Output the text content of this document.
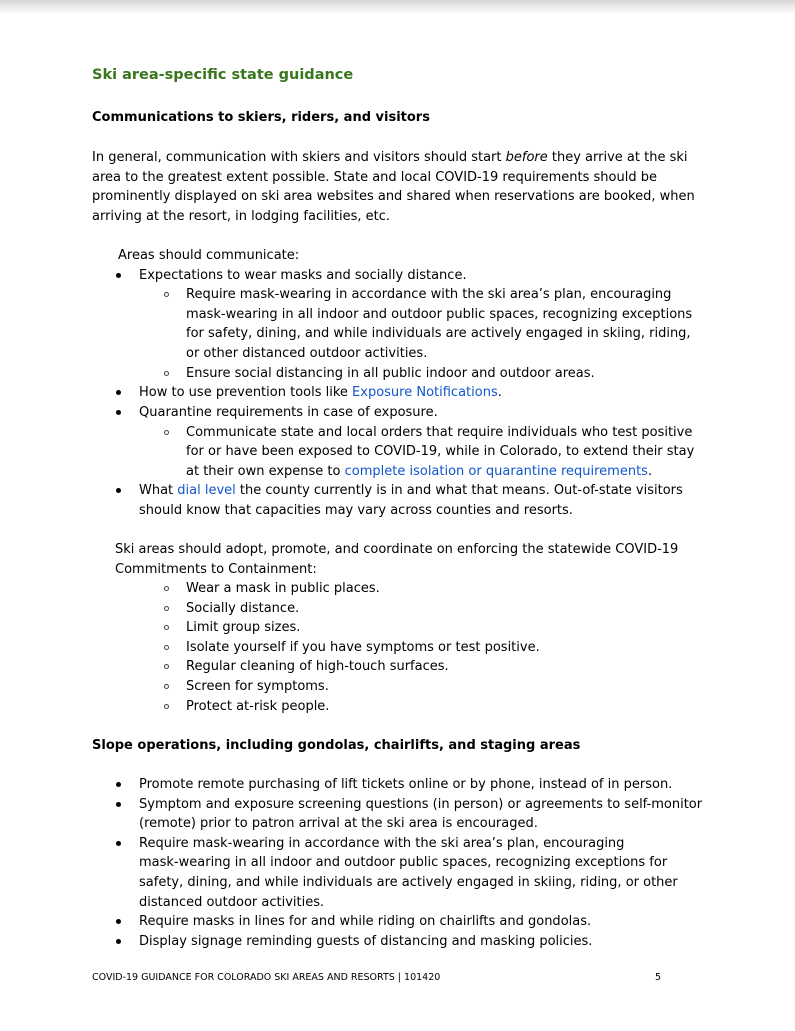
Ski area-specific state guidance

Communications to skiers, riders, and visitors

In general, communication with skiers and visitors should start before they arrive at the ski

area to the greatest extent possible. State and local COVID-19 requirements should be

prominently displayed on ski area websites and shared when reservations are booked, when

arriving at the resort, in lodging facilities, etc.

Areas should communicate:

Expectations to wear masks and socially distance.

Require mask-wearing in accordance with the ski area’s plan, encouraging

mask-wearing in all indoor and outdoor public spaces, recognizing exceptions

for safety, dining, and while individuals are actively engaged in skiing, riding,

or other distanced outdoor activities.

Ensure social distancing in all public indoor and outdoor areas.

How to use prevention tools like Exposure Notifications.

Quarantine requirements in case of exposure.

Communicate state and local orders that require individuals who test positive

for or have been exposed to COVID-19, while in Colorado, to extend their stay

at their own expense to complete isolation or quarantine requirements.

What dial level the county currently is in and what that means. Out-of-state visitors

should know that capacities may vary across counties and resorts.

Ski areas should adopt, promote, and coordinate on enforcing the statewide COVID-19

Commitments to Containment:

Wear a mask in public places.

Socially distance.

Limit group sizes.

Isolate yourself if you have symptoms or test positive.

Regular cleaning of high-touch surfaces.

Screen for symptoms.

Protect at-risk people.

Slope operations, including gondolas, chairlifts, and staging areas

Promote remote purchasing of lift tickets online or by phone, instead of in person.

Symptom and exposure screening questions (in person) or agreements to self-monitor

(remote) prior to patron arrival at the ski area is encouraged.

Require mask-wearing in accordance with the ski area’s plan, encouraging

mask-wearing in all indoor and outdoor public spaces, recognizing exceptions for

safety, dining, and while individuals are actively engaged in skiing, riding, or other

distanced outdoor activities.

Require masks in lines for and while riding on chairlifts and gondolas.

Display signage reminding guests of distancing and masking policies.

COVID-19 GUIDANCE FOR COLORADO SKI AREAS AND RESORTS | 101420	5
